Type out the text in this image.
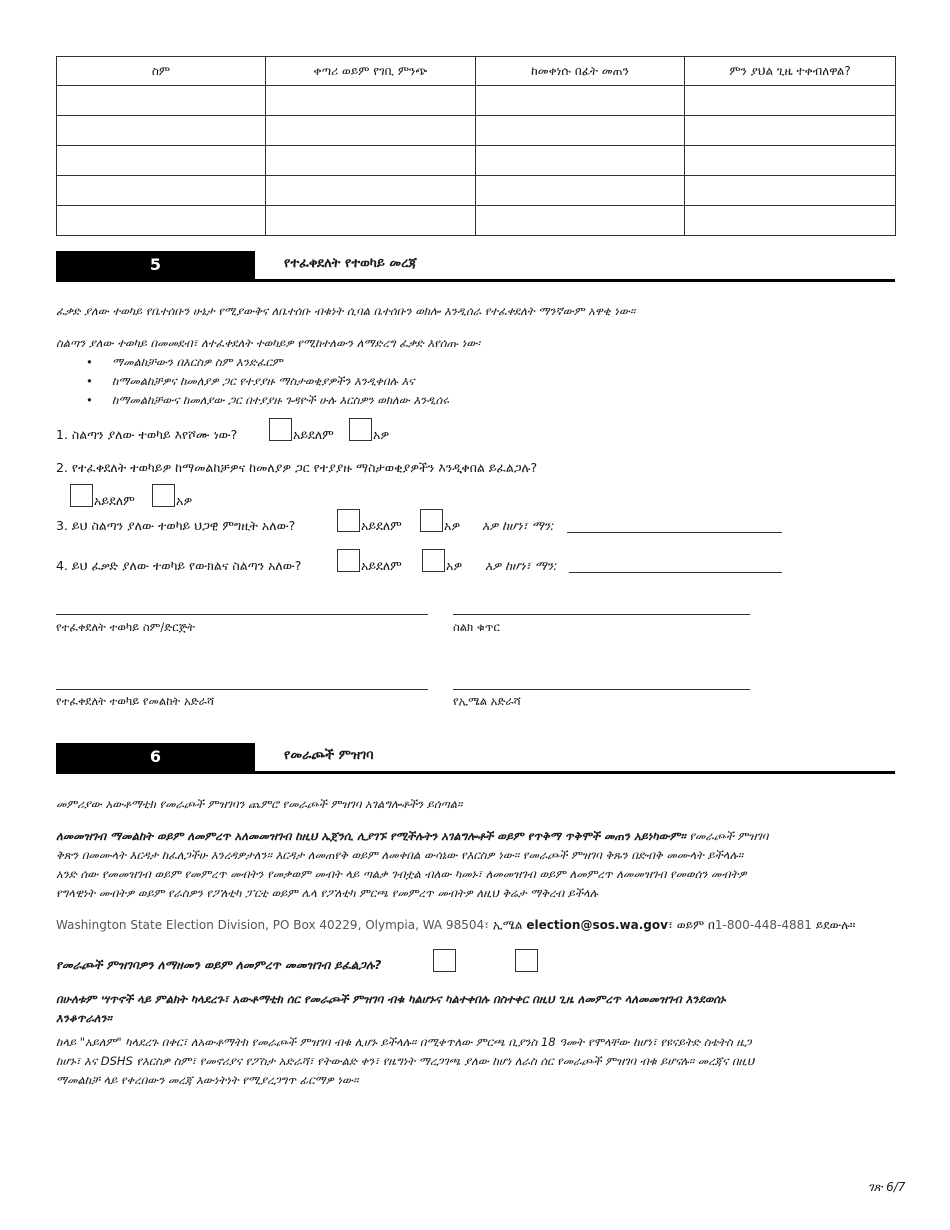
ስም	ቀጣሪ ወይም የገቢ ምንጭ	ከመቀነሱ በፊት መጠን	ምን ያህል ጊዜ ተቀብለዋል?

5	የተፈቀደለት የተወካይ መረጃ
ፈቃድ ያለው ተወካይ የቤተሰቡን ሁኔታ የሚያውቅና ለቤተሰቡ ብቁነት ሲባል ቤተሰቡን ወክሎ እንዲሰራ የተፈቀደለት ማንኛውም አዋቂ ነው።
ስልጣን ያለው ተወካይ በመመደብ፣ ለተፈቀደለት ተወካይዎ የሚከተለውን ለማድረግ ፈቃድ እየሰጡ ነው፡
• ማመልከቻውን በእርስዎ ስም እንድፈርም
• ከማመልከቻዎና ከመለያዎ ጋር የተያያዙ ማስታወቂያዎችን እንዲቀበሉ እና
• ከማመልከቻውና ከመለያው ጋር በተያያዙ ጉዳዮች ሁሉ እርስዎን ወክለው እንዲሰሩ
1. ስልጣን ያለው ተወካይ እየሾሙ ነው?	አይደለም	አዎ
2. የተፈቀደለት ተወካይዎ ከማመልከቻዎና ከመለያዎ ጋር የተያያዙ ማስታወቂያዎችን እንዲቀበል ይፈልጋሉ?
አይደለም	አዎ
3. ይህ ስልጣን ያለው ተወካይ ህጋዊ ምግዚት አለው?	አይደለም	አዎ አዎ ከሆነ፣ ማን:
4. ይህ ፈቃድ ያለው ተወካይ የውክልና ስልጣን አለው?	አይደለም	አዎ አዎ ከሆነ፣ ማን:
የተፈቀደለት ተወካይ ስም/ድርጅት	ስልክ ቁጥር
የተፈቀደለት ተወካይ የመልከት አድራሻ	የኢሜል አድራሻ
6	የመራጮች ምዝገባ
መምሪያው አውቶማቲክ የመራጮች ምዝገባን ጨምሮ የመራጮች ምዝገባ አገልግሎቶችን ይሰጣል።
ለመመዝገብ ማመልከት ወይም ለመምረጥ አለመመዝገብ ከዚህ ኤጀንሲ ሊያገኙ የሚችሉትን አገልግሎቶች ወይም የጥቅማ ጥቅሞች መጠን አይነካውም። የመራጮች ምዝገባ
ቅጽን በመሙላት እርዳታ ከፈለጋችሁ እንረዳዎታለን። እርዳታ ለመጠየቅ ወይም ለመቀበል ውሳኔው የእርስዎ ነው። የመራጮች ምዝገባ ቅጹን በድብቅ መሙላት ይችላሉ።
አንድ ሰው የመመዝገብ ወይም የመምረጥ መብትን የመቃወም መብት ላይ ጣልቃ ገብቷል ብለው ካመኑ፣ ለመመዝገብ ወይም ለመምረጥ ለመመዝገብ የመወሰን መብትዎ
የግላዊነት መብትዎ ወይም የራስዎን የፖለቲካ ፓርቲ ወይም ሌላ የፖለቲካ ምርጫ የመምረጥ መብትዎ ለዚህ ቅሬታ ማቅረብ ይችላሉ
Washington State Election Division, PO Box 40229, Olympia, WA 98504፣ ኢሜል election@sos.wa.gov፣ ወይም በ1-800-448-4881 ይደውሉ።
የመራጮች ምዝገባዎን ለማዘመን ወይም ለመምረጥ መመዝገብ ይፈልጋሉ?
በሁለቱም ሣጥኖች ላይ ምልክት ካላደረጉ፣ አውቶማቲክ ሰር የመራጮች ምዝገባ ብቁ ካልሆኑና ካልተቀበሉ በስተቀር በዚህ ጊዜ ለመምረጥ ላለመመዝገብ እንደወሰኑ
እንቆጥራለን።
ከላይ "አይለም" ካላደረጉ በቀር፣ ለአውቶማትክ የመራጮች ምዝገባ ብቁ ሊሆኑ ይችላሉ። በሚቀጥለው ምርጫ ቢያንስ 18 ዓመት የሞላቸው ከሆነ፣ የዩናይትድ ስቴትስ ዜጋ
ከሆኑ፣ እና DSHS የእርስዎ ስም፣ የመኖሪያና የፖስታ አድራሻ፣ የትውልድ ቀን፣ የዜግነት ማረጋገጫ ያለው ከሆነ ለራስ ሰር የመራጮች ምዝገባ ብቁ ይሆናሉ። መረጃና በዚህ
ማመልከቻ ላይ የቀረበውን መረጃ እውነትነት የሚያረጋግጥ ፊርማዎ ነው።
ገጽ 6/7
